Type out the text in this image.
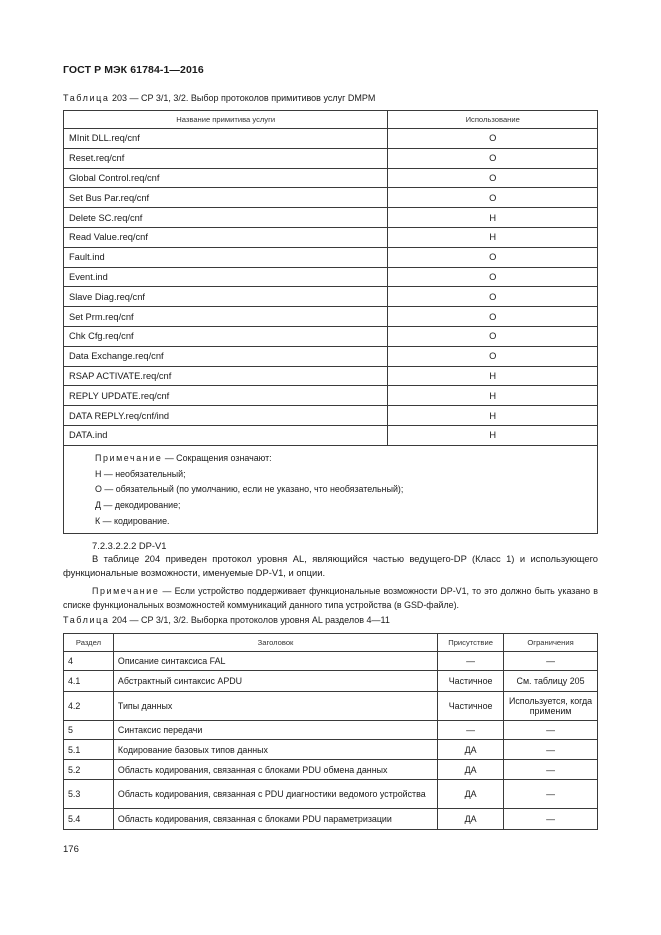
ГОСТ Р МЭК 61784-1—2016
Таблица 203 — CP 3/1, 3/2. Выбор протоколов примитивов услуг DMPM
Название примитива услуги	Использование
MInit DLL.req/cnf	O
Reset.req/cnf	O
Global Control.req/cnf	O
Set Bus Par.req/cnf	O
Delete SC.req/cnf	H
Read Value.req/cnf	H
Fault.ind	O
Event.ind	O
Slave Diag.req/cnf	O
Set Prm.req/cnf	O
Chk Cfg.req/cnf	O
Data Exchange.req/cnf	O
RSAP ACTIVATE.req/cnf	H
REPLY UPDATE.req/cnf	H
DATA REPLY.req/cnf/ind	H
DATA.ind	H

Примечание — Сокращения означают:
Н — необязательный;
О — обязательный (по умолчанию, если не указано, что необязательный);
Д — декодирование;
К — кодирование.	
7.2.3.2.2.2 DP-V1
В таблице 204 приведен протокол уровня AL, являющийся частью ведущего-DP (Класс 1) и использующего функциональные возможности, именуемые DP-V1, и опции.
Примечание — Если устройство поддерживает функциональные возможности DP-V1, то это должно быть указано в списке функциональных возможностей коммуникаций данного типа устройства (в GSD-файле).
Таблица 204 — CP 3/1, 3/2. Выборка протоколов уровня AL разделов 4—11
Раздел	Заголовок	Присутствие	Ограничения
4	Описание синтаксиса FAL	—	—
4.1	Абстрактный синтаксис APDU	Частичное	См. таблицу 205
4.2	Типы данных	Частичное	Используется, когда применим
5	Синтаксис передачи	—	—
5.1	Кодирование базовых типов данных	ДА	—
5.2	Область кодирования, связанная с блоками PDU обмена данных	ДА	—
5.3	Область кодирования, связанная с PDU диагностики ведомого устройства	ДА	—
5.4	Область кодирования, связанная с блоками PDU параметризации	ДА	—
176
